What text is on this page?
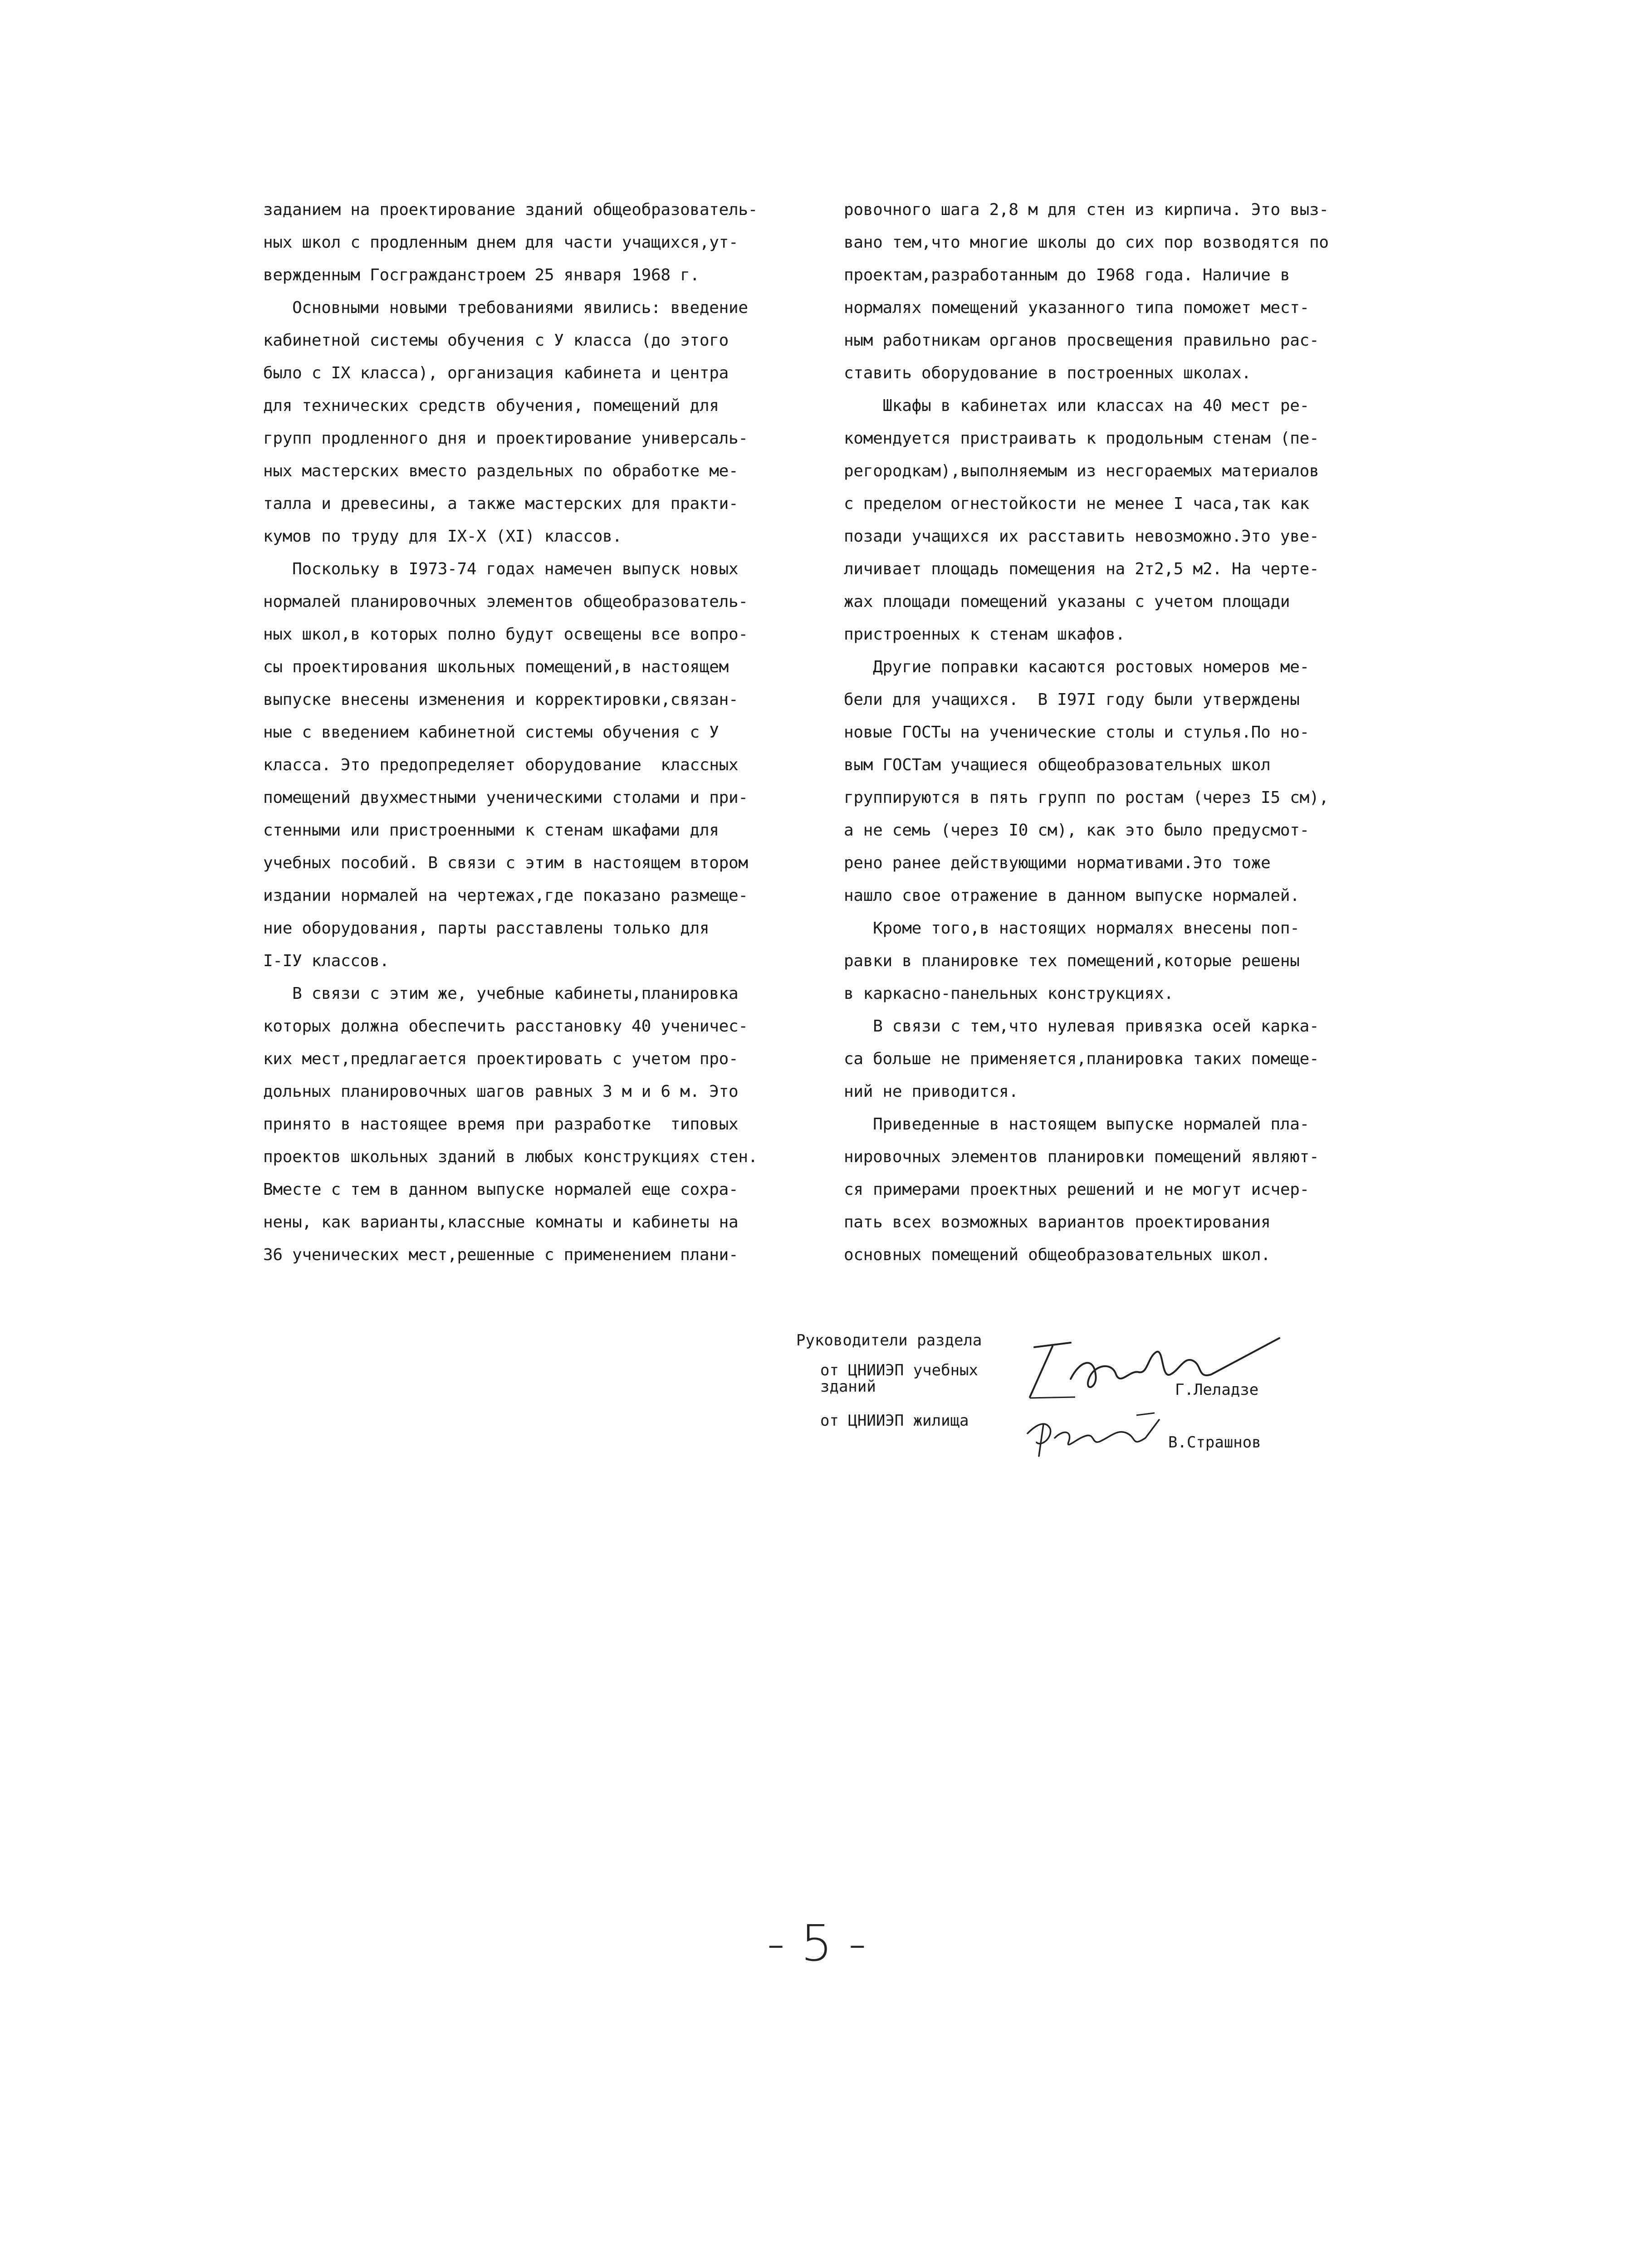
заданием на проектирование зданий общеобразователь-
ных школ с продленным днем для части учащихся,ут-
вержденным Госгражданстроем 25 января 1968 г.
Основными новыми требованиями явились: введение
кабинетной системы обучения с У класса (до этого
было с IX класса), организация кабинета и центра
для технических средств обучения, помещений для
групп продленного дня и проектирование универсаль-
ных мастерских вместо раздельных по обработке ме-
талла и древесины, а также мастерских для практи-
кумов по труду для IX-X (XI) классов.
Поскольку в I973-74 годах намечен выпуск новых
нормалей планировочных элементов общеобразователь-
ных школ,в которых полно будут освещены все вопро-
сы проектирования школьных помещений,в настоящем
выпуске внесены изменения и корректировки,связан-
ные с введением кабинетной системы обучения с У
класса. Это предопределяет оборудование  классных
помещений двухместными ученическими столами и при-
стенными или пристроенными к стенам шкафами для
учебных пособий. В связи с этим в настоящем втором
издании нормалей на чертежах,где показано размеще-
ние оборудования, парты расставлены только для
I-IУ классов.
В связи с этим же, учебные кабинеты,планировка
которых должна обеспечить расстановку 40 ученичес-
ких мест,предлагается проектировать с учетом про-
дольных планировочных шагов равных 3 м и 6 м. Это
принято в настоящее время при разработке  типовых
проектов школьных зданий в любых конструкциях стен.
Вместе с тем в данном выпуске нормалей еще сохра-
нены, как варианты,классные комнаты и кабинеты на
36 ученических мест,решенные с применением плани-
ровочного шага 2,8 м для стен из кирпича. Это выз-
вано тем,что многие школы до сих пор возводятся по
проектам,разработанным до I968 года. Наличие в
нормалях помещений указанного типа поможет мест-
ным работникам органов просвещения правильно рас-
ставить оборудование в построенных школах.
Шкафы в кабинетах или классах на 40 мест ре-
комендуется пристраивать к продольным стенам (пе-
регородкам),выполняемым из несгораемых материалов
с пределом огнестойкости не менее I часа,так как
позади учащихся их расставить невозможно.Это уве-
личивает площадь помещения на 2т2,5 м2. На черте-
жах площади помещений указаны с учетом площади
пристроенных к стенам шкафов.
Другие поправки касаются ростовых номеров ме-
бели для учащихся.  В I97I году были утверждены
новые ГОСТы на ученические столы и стулья.По но-
вым ГОСТам учащиеся общеобразовательных школ
группируются в пять групп по ростам (через I5 см),
а не семь (через I0 см), как это было предусмот-
рено ранее действующими нормативами.Это тоже
нашло свое отражение в данном выпуске нормалей.
Кроме того,в настоящих нормалях внесены поп-
равки в планировке тех помещений,которые решены
в каркасно-панельных конструкциях.
В связи с тем,что нулевая привязка осей карка-
са больше не применяется,планировка таких помеще-
ний не приводится.
Приведенные в настоящем выпуске нормалей пла-
нировочных элементов планировки помещений являют-
ся примерами проектных решений и не могут исчер-
пать всех возможных вариантов проектирования
основных помещений общеобразовательных школ.
Руководители раздела
от ЦНИИЭП учебных
зданий	Г.Леладзе
от ЦНИИЭП жилища
В.Страшнов
- 5 -
